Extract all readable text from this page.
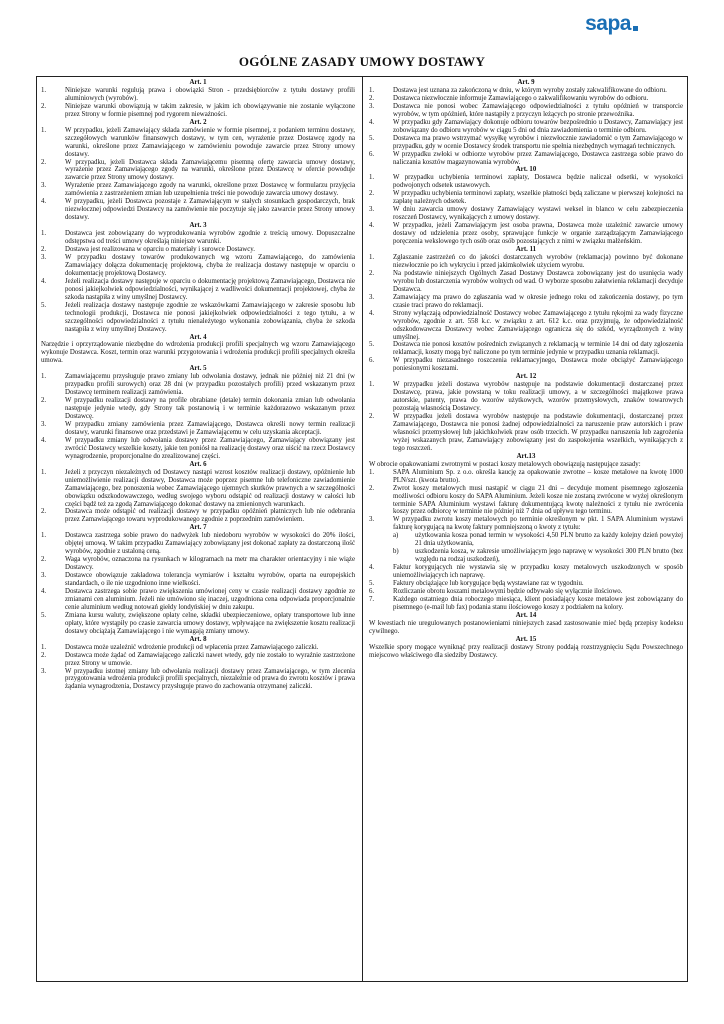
sapa
OGÓLNE ZASADY UMOWY DOSTAWY
Art. 1
1.	Niniejsze warunki regulują prawa i obowiązki Stron - przedsiębiorców z tytułu dostawy profili aluminiowych (wyrobów).
2.	Niniejsze warunki obowiązują w takim zakresie, w jakim ich obowiązywanie nie zostanie wyłączone przez Strony w formie pisemnej pod rygorem nieważności.
Art. 2
1.	W przypadku, jeżeli Zamawiający składa zamówienie w formie pisemnej, z podaniem terminu dostawy, szczegółowych warunków finansowych dostawy, w tym cen, wyrażenie przez Dostawcę zgody na warunki, określone przez Zamawiającego w zamówieniu powoduje zawarcie przez Strony umowy dostawy.
2.	W przypadku, jeżeli Dostawca składa Zamawiającemu pisemną ofertę zawarcia umowy dostawy, wyrażenie przez Zamawiającego zgody na warunki, określone przez Dostawcę w ofercie powoduje zawarcie przez Strony umowy dostawy.
3.	Wyrażenie przez Zamawiającego zgody na warunki, określone przez Dostawcę w formularzu przyjęcia zamówienia z zastrzeżeniem zmian lub uzupełnienia treści nie powoduje zawarcia umowy dostawy.
4.	W przypadku, jeżeli Dostawca pozostaje z Zamawiającym w stałych stosunkach gospodarczych, brak niezwłocznej odpowiedzi Dostawcy na zamówienie nie poczytuje się jako zawarcie przez Strony umowy dostawy.
Art. 3
1.	Dostawca jest zobowiązany do wyprodukowania wyrobów zgodnie z treścią umowy. Dopuszczalne odstępstwa od treści umowy określają niniejsze warunki.
2.	Dostawa jest realizowana w oparciu o materiały i surowce Dostawcy.
3.	W przypadku dostawy towarów produkowanych wg wzoru Zamawiającego, do zamówienia Zamawiający dołącza dokumentację projektową, chyba że realizacja dostawy następuje w oparciu o dokumentację projektową Dostawcy.
4.	Jeżeli realizacja dostawy następuje w oparciu o dokumentację projektową Zamawiającego, Dostawca nie ponosi jakiejkolwiek odpowiedzialności, wynikającej z wadliwości dokumentacji projektowej, chyba że szkoda nastąpiła z winy umyślnej Dostawcy.
5.	Jeżeli realizacja dostawy następuje zgodnie ze wskazówkami Zamawiającego w zakresie sposobu lub technologii produkcji, Dostawca nie ponosi jakiejkolwiek odpowiedzialności z tego tytułu, a w szczególności odpowiedzialności z tytułu nienależytego wykonania zobowiązania, chyba że szkoda nastąpiła z winy umyślnej Dostawcy.
Art. 4
Narzędzie i oprzyrządowanie niezbędne do wdrożenia produkcji profili specjalnych wg wzoru Zamawiającego wykonuje Dostawca. Koszt, termin oraz warunki przygotowania i wdrożenia produkcji profili specjalnych określa umowa.
Art. 5
1.	Zamawiającemu przysługuje prawo zmiany lub odwołania dostawy, jednak nie później niż 21 dni (w przypadku profili surowych) oraz 28 dni (w przypadku pozostałych profili) przed wskazanym przez Dostawcę terminem realizacji zamówienia.
2.	W przypadku realizacji dostawy na profile obrabiane (detale) termin dokonania zmian lub odwołania następuje jedynie wtedy, gdy Strony tak postanowią i w terminie każdorazowo wskazanym przez Dostawcę.
3.	W przypadku zmiany zamówienia przez Zamawiającego, Dostawca określi nowy termin realizacji dostawy, warunki finansowe oraz przedstawi je Zamawiającemu w celu uzyskania akceptacji.
4.	W przypadku zmiany lub odwołania dostawy przez Zamawiającego, Zamawiający obowiązany jest zwrócić Dostawcy wszelkie koszty, jakie ten poniósł na realizację dostawy oraz uiścić na rzecz Dostawcy wynagrodzenie, proporcjonalne do zrealizowanej części.
Art. 6
1.	Jeżeli z przyczyn niezależnych od Dostawcy nastąpi wzrost kosztów realizacji dostawy, opóźnienie lub uniemożliwienie realizacji dostawy, Dostawca może poprzez pisemne lub telefoniczne zawiadomienie Zamawiającego, bez ponoszenia wobec Zamawiającego ujemnych skutków prawnych a w szczególności obowiązku odszkodowawczego, według swojego wyboru odstąpić od realizacji dostawy w całości lub części bądź też za zgodą Zamawiającego dokonać dostawy na zmienionych warunkach.
2.	Dostawca może odstąpić od realizacji dostawy w przypadku opóźnień płatniczych lub nie odebrania przez Zamawiającego towaru wyprodukowanego zgodnie z poprzednim zamówieniem.
Art. 7
1.	Dostawca zastrzega sobie prawo do nadwyżek lub niedoboru wyrobów w wysokości do 20% ilości, objętej umową. W takim przypadku Zamawiający zobowiązany jest dokonać zapłaty za dostarczoną ilość wyrobów, zgodnie z ustaloną ceną.
2.	Waga wyrobów, oznaczona na rysunkach w kilogramach na metr ma charakter orientacyjny i nie wiąże Dostawcy.
3.	Dostawce obowiązuje zakładowa tolerancja wymiarów i kształtu wyrobów, oparta na europejskich standardach, o ile nie uzgodniono inne wielkości.
4.	Dostawca zastrzega sobie prawo zwiększenia umówionej ceny w czasie realizacji dostawy zgodnie ze zmianami cen aluminium. Jeżeli nie umówiono się inaczej, uzgodniona cena odpowiada proporcjonalnie cenie aluminium według notowań giełdy londyńskiej w dniu zakupu.
5.	Zmiana kursu waluty, zwiększone opłaty celne, składki ubezpieczeniowe, opłaty transportowe lub inne opłaty, które wystąpiły po czasie zawarcia umowy dostawy, wpływające na zwiększenie kosztu realizacji dostawy obciążają Zamawiającego i nie wymagają zmiany umowy.
Art. 8
1.	Dostawca może uzależnić wdrożenie produkcji od wpłacenia przez Zamawiającego zaliczki.
2.	Dostawca może żądać od Zamawiającego zaliczki nawet wtedy, gdy nie zostało to wyraźnie zastrzeżone przez Strony w umowie.
3.	W przypadku istotnej zmiany lub odwołania realizacji dostawy przez Zamawiającego, w tym zlecenia przygotowania wdrożenia produkcji profili specjalnych, niezależnie od prawa do zwrotu kosztów i prawa żądania wynagrodzenia, Dostawcy przysługuje prawo do zachowania otrzymanej zaliczki.
Art. 9
1.	Dostawa jest uznana za zakończoną w dniu, w którym wyroby zostały zakwalifikowane do odbioru.
2.	Dostawca niezwłocznie informuje Zamawiającego o zakwalifikowaniu wyrobów do odbioru.
3.	Dostawca nie ponosi wobec Zamawiającego odpowiedzialności z tytułu opóźnień w transporcie wyrobów, w tym opóźnień, które nastąpiły z przyczyn leżących po stronie przewoźnika.
4.	W przypadku gdy Zamawiający dokonuje odbioru towarów bezpośrednio u Dostawcy, Zamawiający jest zobowiązany do odbioru wyrobów w ciągu 5 dni od dnia zawiadomienia o terminie odbioru.
5.	Dostawca ma prawo wstrzymać wysyłkę wyrobów i niezwłocznie zawiadomić o tym Zamawiającego w przypadku, gdy w ocenie Dostawcy środek transportu nie spełnia niezbędnych wymagań technicznych.
6.	W przypadku zwłoki w odbiorze wyrobów przez Zamawiającego, Dostawca zastrzega sobie prawo do naliczania kosztów magazynowania wyrobów.
Art. 10
1.	W przypadku uchybienia terminowi zapłaty, Dostawca będzie naliczał odsetki, w wysokości podwojonych odsetek ustawowych.
2.	W przypadku uchybienia terminowi zapłaty, wszelkie płatności będą zaliczane w pierwszej kolejności na zapłatę należnych odsetek.
3.	W dniu zawarcia umowy dostawy Zamawiający wystawi weksel in blanco w celu zabezpieczenia roszczeń Dostawcy, wynikających z umowy dostawy.
4.	W przypadku, jeżeli Zamawiającym jest osoba prawna, Dostawca może uzależnić zawarcie umowy dostawy od udzielenia przez osoby, sprawujące funkcje w organie zarządzającym Zamawiającego poręczenia wekslowego tych osób oraz osób pozostających z nimi w związku małżeńskim.
Art. 11
1.	Zgłaszanie zastrzeżeń co do jakości dostarczanych wyrobów (reklamacja) powinno być dokonane niezwłocznie po ich wykryciu i przed jakimkolwiek użyciem wyrobu.
2.	Na podstawie niniejszych Ogólnych Zasad Dostawy Dostawca zobowiązany jest do usunięcia wady wyrobu lub dostarczenia wyrobów wolnych od wad. O wyborze sposobu załatwienia reklamacji decyduje Dostawca.
3.	Zamawiający ma prawo do zgłaszania wad w okresie jednego roku od zakończenia dostawy, po tym czasie traci prawo do reklamacji.
4.	Strony wyłączają odpowiedzialność Dostawcy wobec Zamawiającego z tytułu rękojmi za wady fizyczne wyrobów, zgodnie z art. 558 k.c. w związku z art. 612 k.c. oraz przyjmują, że odpowiedzialność odszkodowawcza Dostawcy wobec Zamawiającego ogranicza się do szkód, wyrządzonych z winy umyślnej.
5.	Dostawca nie ponosi kosztów pośrednich związanych z reklamacją w terminie 14 dni od daty zgłoszenia reklamacji, koszty mogą być naliczone po tym terminie jedynie w przypadku uznania reklamacji.
6.	W przypadku niezasadnego roszczenia reklamacyjnego, Dostawca może obciążyć Zamawiającego poniesionymi kosztami.
Art. 12
1.	W przypadku jeżeli dostawa wyrobów następuje na podstawie dokumentacji dostarczanej przez Dostawcę, prawa, jakie powstaną w toku realizacji umowy, a w szczególności majątkowe prawa autorskie, patenty, prawa do wzorów użytkowych, wzorów przemysłowych, znaków towarowych pozostają własnością Dostawcy.
2.	W przypadku jeżeli dostawa wyrobów następuje na podstawie dokumentacji, dostarczanej przez Zamawiającego, Dostawca nie ponosi żadnej odpowiedzialności za naruszenie praw autorskich i praw własności przemysłowej lub jakichkolwiek praw osób trzecich. W przypadku naruszenia lub zagrożenia wyżej wskazanych praw, Zamawiający zobowiązany jest do zaspokojenia wszelkich, wynikających z tego roszczeń.
Art.13
W obrocie opakowaniami zwrotnymi w postaci koszy metalowych obowiązują następujące zasady:
1.	SAPA Aluminium Sp. z o.o. określa kaucję za opakowanie zwrotne – kosze metalowe na kwotę 1000 PLN/szt. (kwota brutto).
2.	Zwrot koszy metalowych musi nastąpić w ciągu 21 dni – decyduje moment pisemnego zgłoszenia możliwości odbioru koszy do SAPA Aluminium. Jeżeli kosze nie zostaną zwrócone w wyżej określonym terminie SAPA Aluminium wystawi fakturę dokumentującą kwotę należności z tytułu nie zwrócenia koszy przez odbiorcę w terminie nie później niż 7 dnia od upływu tego terminu.
3.	W przypadku zwrotu koszy metalowych po terminie określonym w pkt. 1 SAPA Aluminium wystawi fakturę korygującą na kwotę faktury pomniejszoną o kwoty z tytułu:
a)	użytkowania kosza ponad termin w wysokości 4,50 PLN brutto za każdy kolejny dzień powyżej 21 dnia użytkowania,
b)	uszkodzenia kosza, w zakresie umożliwiającym jego naprawę w wysokości 300 PLN brutto (bez względu na rodzaj uszkodzeń),
4.	Faktur korygujących nie wystawia się w przypadku koszy metalowych uszkodzonych w sposób uniemożliwiających ich naprawę.
5.	Faktury obciążające lub korygujące będą wystawiane raz w tygodniu.
6.	Rozliczanie obrotu koszami metalowymi będzie odbywało się wyłącznie ilościowo.
7.	Każdego ostatniego dnia roboczego miesiąca, klient posiadający kosze metalowe jest zobowiązany do pisemnego (e-mail lub fax) podania stanu ilościowego koszy z podziałem na kolory.
Art. 14
W kwestiach nie uregulowanych postanowieniami niniejszych zasad zastosowanie mieć będą przepisy kodeksu cywilnego.
Art. 15
Wszelkie spory mogące wyniknąć przy realizacji dostawy Strony poddają rozstrzygnięciu Sądu Powszechnego miejscowo właściwego dla siedziby Dostawcy.
